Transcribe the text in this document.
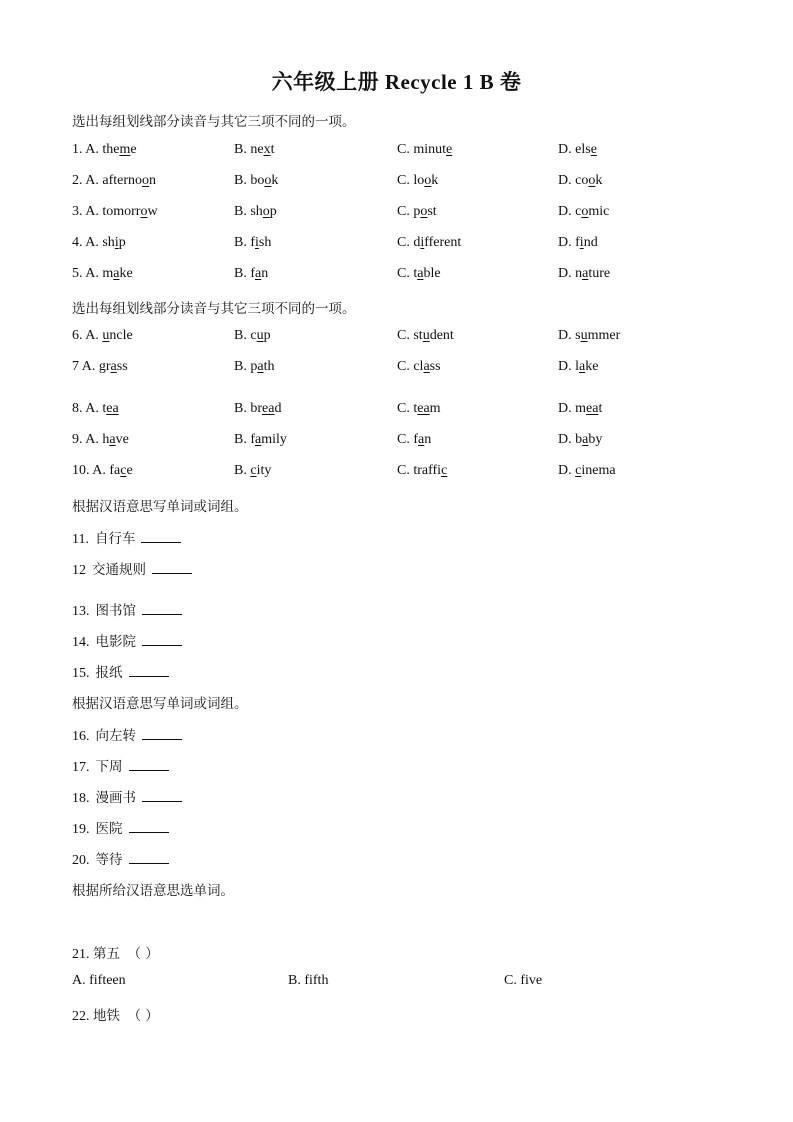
六年级上册 Recycle 1 B 卷
选出每组划线部分读音与其它三项不同的一项。
1. A. theme	B. next	C. minute	D. else
2. A. afternoon	B. book	C. look	D. cook
3. A. tomorrow	B. shop	C. post	D. comic
4. A. ship	B. fish	C. different	D. find
5. A. make	B. fan	C. table	D. nature
6. A. uncle	B. cup	C. student	D. summer
7 A. grass	B. path	C. class	D. lake
8. A. tea	B. bread	C. team	D. meat
9. A. have	B. family	C. fan	D. baby
10. A. face	B. city	C. traffic	D. cinema
选出每组划线部分读音与其它三项不同的一项。
根据汉语意思写单词或词组。
根据汉语意思写单词或词组。
根据所给汉语意思选单词。
11. 自行车
12 交通规则
13. 图书馆
14. 电影院
15. 报纸
16. 向左转
17. 下周
18. 漫画书
19. 医院
20. 等待
21. 第五 （ ）
A. fifteen	B. fifth	C. five
22. 地铁 （ ）
